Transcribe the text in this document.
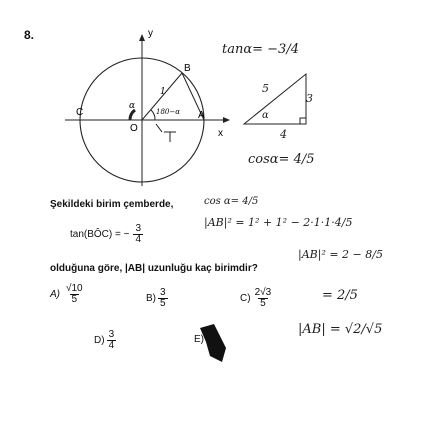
8.	y
x
O
A
B
C
1
180−α
α
tanα= −3/4
5
3
α
4
cosα= 4/5
Şekildeki birim çemberde,	cos α= 4/5
tan(BÔC) = − $\frac{3}{4}$
|AB|² = 1² + 1² − 2·1·1·4/5
|AB|² = 2 − 8/5
olduğuna göre, |AB| uzunluğu kaç birimdir?
$A) \frac{√10}{5}$	$B) \frac{3}{5}$	$C) \frac{2√3}{5}$	= 2/5
$D) \frac{3}{4}$	E)
|AB| = √2/√5
